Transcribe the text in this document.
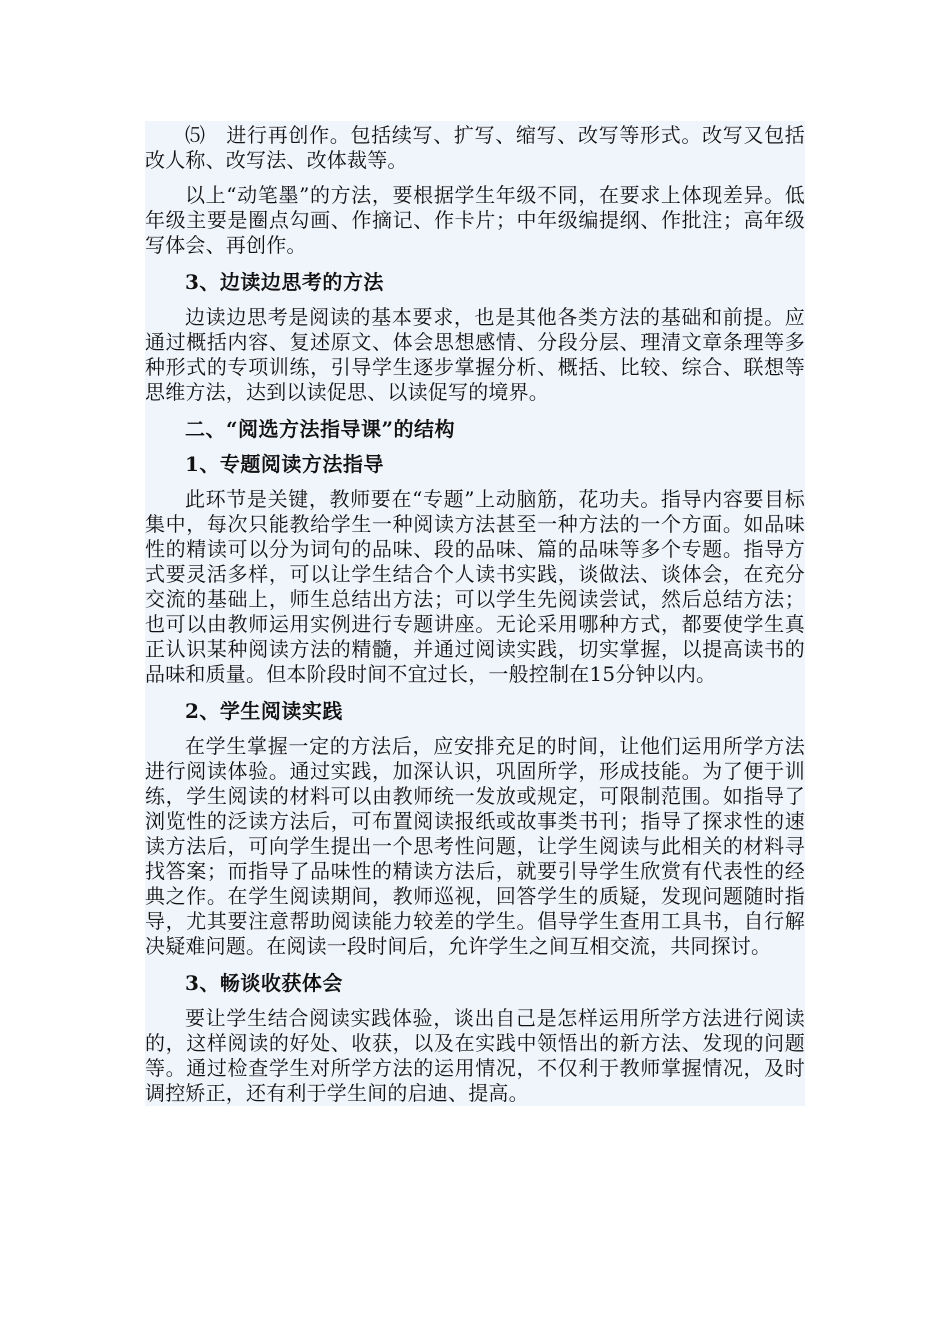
⑸　进行再创作。包括续写、扩写、缩写、改写等形式。改写又包括改人称、改写法、改体裁等。

以上“动笔墨”的方法，要根据学生年级不同，在要求上体现差异。低年级主要是圈点勾画、作摘记、作卡片；中年级编提纲、作批注；高年级写体会、再创作。

3、边读边思考的方法

边读边思考是阅读的基本要求，也是其他各类方法的基础和前提。应通过概括内容、复述原文、体会思想感情、分段分层、理清文章条理等多种形式的专项训练，引导学生逐步掌握分析、概括、比较、综合、联想等思维方法，达到以读促思、以读促写的境界。

二、“阅选方法指导课”的结构

1、专题阅读方法指导

此环节是关键，教师要在“专题”上动脑筋，花功夫。指导内容要目标集中，每次只能教给学生一种阅读方法甚至一种方法的一个方面。如品味性的精读可以分为词句的品味、段的品味、篇的品味等多个专题。指导方式要灵活多样，可以让学生结合个人读书实践，谈做法、谈体会，在充分交流的基础上，师生总结出方法；可以学生先阅读尝试，然后总结方法；也可以由教师运用实例进行专题讲座。无论采用哪种方式，都要使学生真正认识某种阅读方法的精髓，并通过阅读实践，切实掌握，以提高读书的品味和质量。但本阶段时间不宜过长，一般控制在15分钟以内。

2、学生阅读实践

在学生掌握一定的方法后，应安排充足的时间，让他们运用所学方法进行阅读体验。通过实践，加深认识，巩固所学，形成技能。为了便于训练，学生阅读的材料可以由教师统一发放或规定，可限制范围。如指导了浏览性的泛读方法后，可布置阅读报纸或故事类书刊；指导了探求性的速读方法后，可向学生提出一个思考性问题，让学生阅读与此相关的材料寻找答案；而指导了品味性的精读方法后，就要引导学生欣赏有代表性的经典之作。在学生阅读期间，教师巡视，回答学生的质疑，发现问题随时指导，尤其要注意帮助阅读能力较差的学生。倡导学生查用工具书，自行解决疑难问题。在阅读一段时间后，允许学生之间互相交流，共同探讨。

3、畅谈收获体会

要让学生结合阅读实践体验，谈出自己是怎样运用所学方法进行阅读的，这样阅读的好处、收获，以及在实践中领悟出的新方法、发现的问题等。通过检查学生对所学方法的运用情况，不仅利于教师掌握情况，及时调控矫正，还有利于学生间的启迪、提高。
